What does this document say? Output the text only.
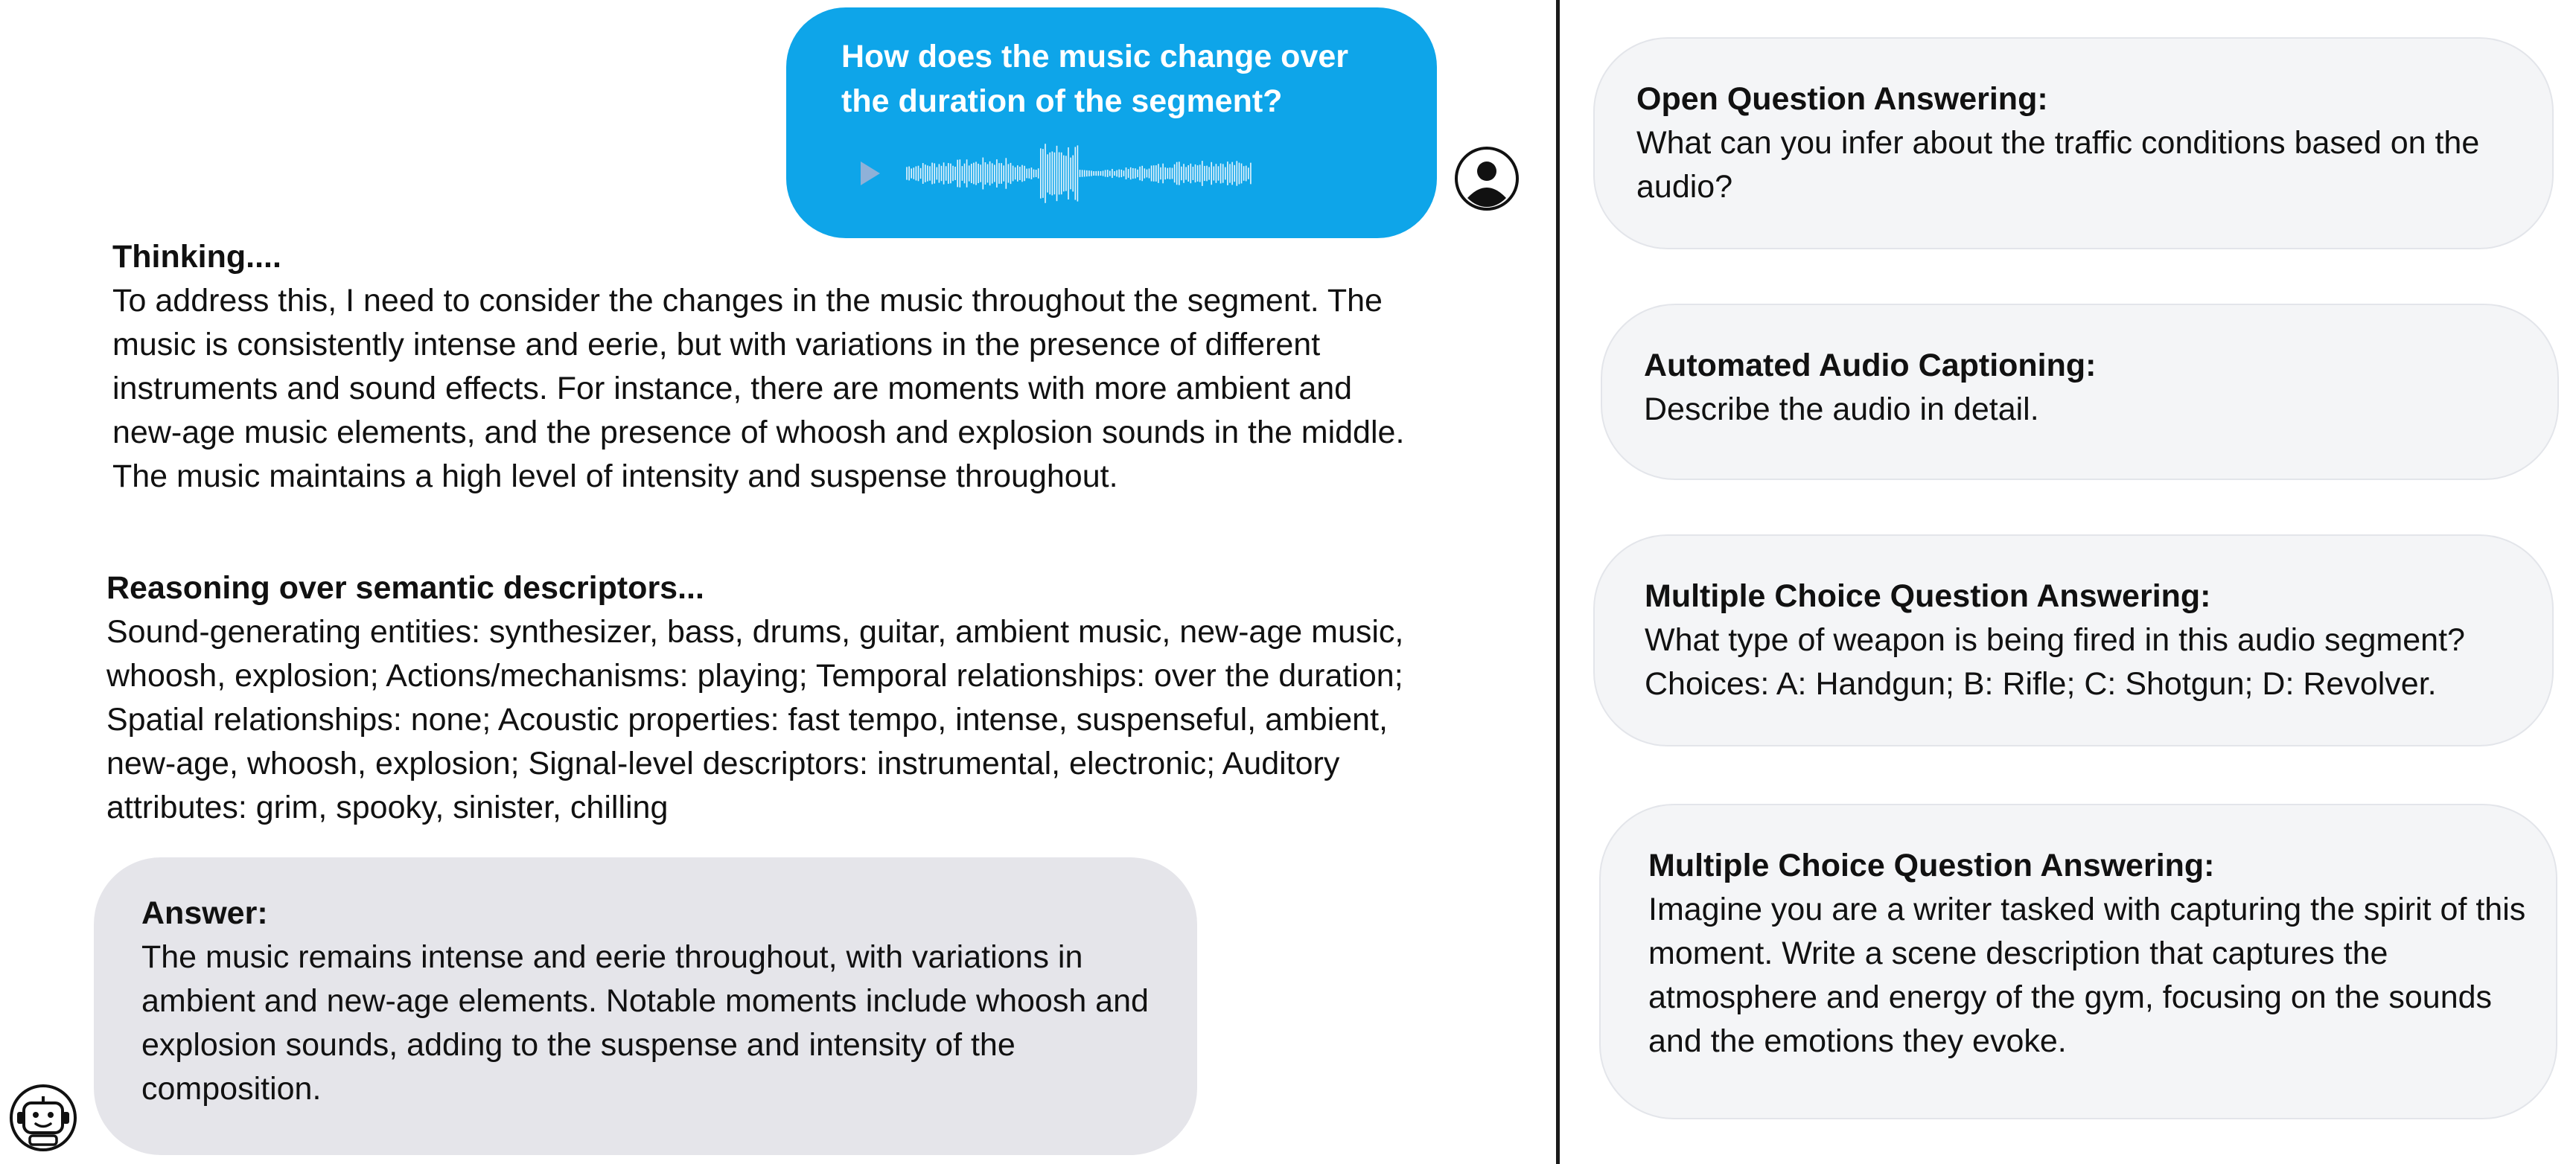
How does the music change over the duration of the segment?

Thinking....

To address this, I need to consider the changes in the music throughout the segment. The music is consistently intense and eerie, but with variations in the presence of different instruments and sound effects. For instance, there are moments with more ambient and new-age music elements, and the presence of whoosh and explosion sounds in the middle. The music maintains a high level of intensity and suspense throughout.

Reasoning over semantic descriptors...

Sound-generating entities: synthesizer, bass, drums, guitar, ambient music, new-age music, whoosh, explosion; Actions/mechanisms: playing; Temporal relationships: over the duration; Spatial relationships: none; Acoustic properties: fast tempo, intense, suspenseful, ambient, new-age, whoosh, explosion; Signal-level descriptors: instrumental, electronic; Auditory attributes: grim, spooky, sinister, chilling

Answer:

The music remains intense and eerie throughout, with variations in ambient and new-age elements. Notable moments include whoosh and explosion sounds, adding to the suspense and intensity of the composition.

Open Question Answering:

What can you infer about the traffic conditions based on the audio?

Automated Audio Captioning:

Describe the audio in detail.

Multiple Choice Question Answering:

What type of weapon is being fired in this audio segment? Choices: A: Handgun; B: Rifle; C: Shotgun; D: Revolver.

Multiple Choice Question Answering:

Imagine you are a writer tasked with capturing the spirit of this moment. Write a scene description that captures the atmosphere and energy of the gym, focusing on the sounds and the emotions they evoke.
